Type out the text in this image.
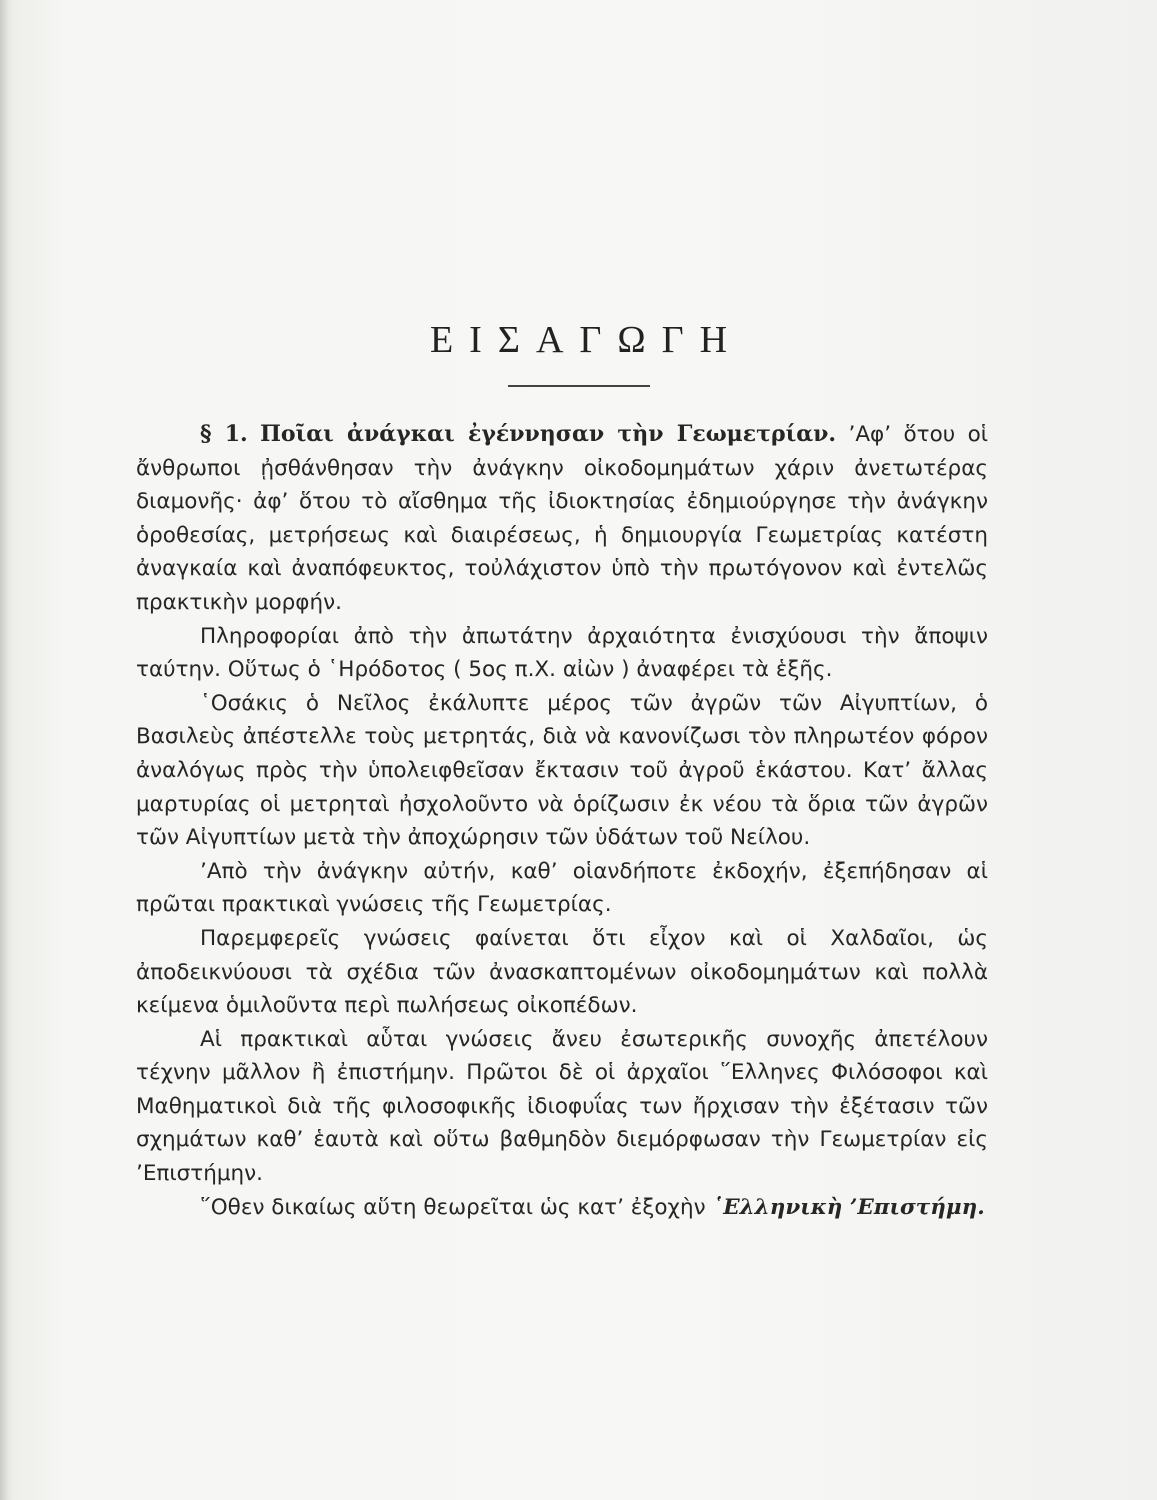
ΕΙΣΑΓΩΓΗ

§ 1. Ποῖαι ἀνάγκαι ἐγέννησαν τὴν Γεωμετρίαν. ’Αφ’ ὅτου οἱ ἄνθρωποι ᾐσθάνθησαν τὴν ἀνάγκην οἰκοδομημάτων χάριν ἀνετωτέρας διαμονῆς· ἀφ’ ὅτου τὸ αἴσθημα τῆς ἰδιοκτησίας ἐδημιούργησε τὴν ἀνάγκην ὁροθεσίας, μετρήσεως καὶ διαιρέσεως, ἡ δημιουργία Γεωμετρίας κατέστη ἀναγκαία καὶ ἀναπόφευκτος, τοὐλάχιστον ὑπὸ τὴν πρωτόγονον καὶ ἐντελῶς πρακτικὴν μορφήν.

Πληροφορίαι ἀπὸ τὴν ἀπωτάτην ἀρχαιότητα ἐνισχύουσι τὴν ἄποψιν ταύτην. Οὕτως ὁ ῾Ηρόδοτος ( 5ος π.Χ. αἰὼν ) ἀναφέρει τὰ ἑξῆς.

῾Οσάκις ὁ Νεῖλος ἐκάλυπτε μέρος τῶν ἀγρῶν τῶν Αἰγυπτίων, ὁ Βασιλεὺς ἀπέστελλε τοὺς μετρητάς, διὰ νὰ κανονίζωσι τὸν πληρωτέον φόρον ἀναλόγως πρὸς τὴν ὑπολειφθεῖσαν ἔκτασιν τοῦ ἀγροῦ ἑκάστου. Κατ’ ἄλλας μαρτυρίας οἱ μετρηταὶ ἠσχολοῦντο νὰ ὁρίζωσιν ἐκ νέου τὰ ὅρια τῶν ἀγρῶν τῶν Αἰγυπτίων μετὰ τὴν ἀποχώρησιν τῶν ὑδάτων τοῦ Νείλου.

’Απὸ τὴν ἀνάγκην αὐτήν, καθ’ οἱανδήποτε ἐκδοχήν, ἐξεπήδησαν αἱ πρῶται πρακτικαὶ γνώσεις τῆς Γεωμετρίας.

Παρεμφερεῖς γνώσεις φαίνεται ὅτι εἶχον καὶ οἱ Χαλδαῖοι, ὡς ἀποδεικνύουσι τὰ σχέδια τῶν ἀνασκαπτομένων οἰκοδομημάτων καὶ πολλὰ κείμενα ὁμιλοῦντα περὶ πωλήσεως οἰκοπέδων.

Αἱ πρακτικαὶ αὗται γνώσεις ἄνευ ἐσωτερικῆς συνοχῆς ἀπετέλουν τέχνην μᾶλλον ἢ ἐπιστήμην. Πρῶτοι δὲ οἱ ἀρχαῖοι ῞Ελληνες Φιλόσοφοι καὶ Μαθηματικοὶ διὰ τῆς φιλοσοφικῆς ἰδιοφυΐας των ἤρχισαν τὴν ἐξέτασιν τῶν σχημάτων καθ’ ἑαυτὰ καὶ οὕτω βαθμηδὸν διεμόρφωσαν τὴν Γεωμετρίαν εἰς ’Επιστήμην.

῞Οθεν δικαίως αὕτη θεωρεῖται ὡς κατ’ ἐξοχὴν ῾Ελληνικὴ ’Επιστήμη.
